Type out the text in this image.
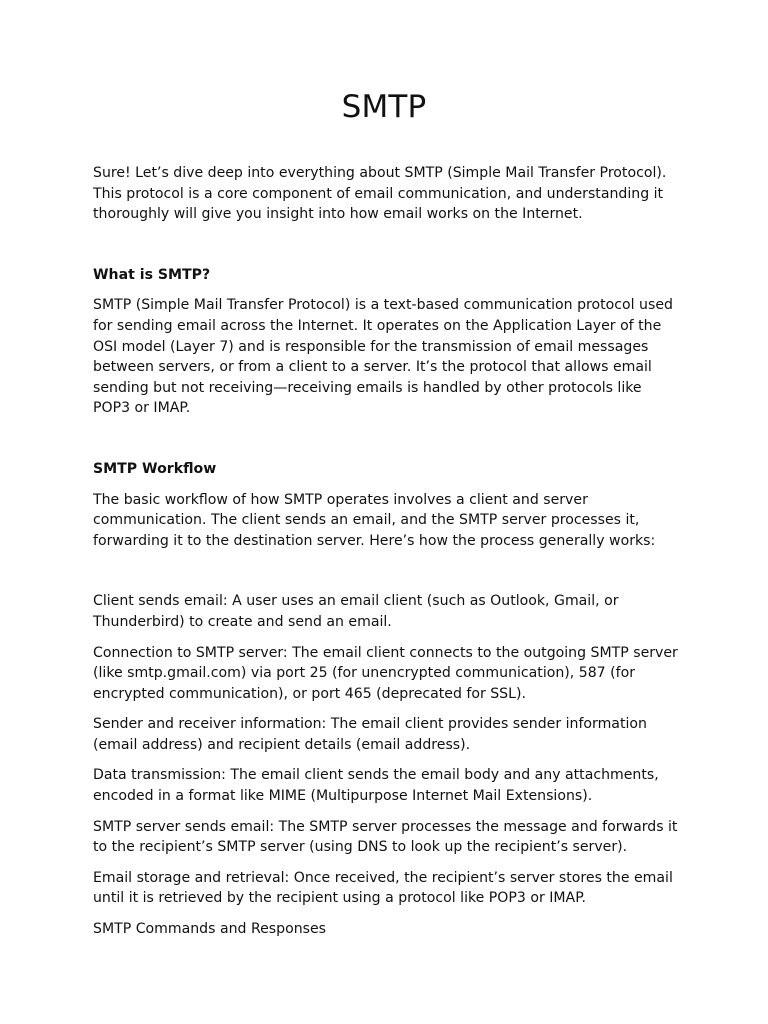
SMTP

Sure! Let’s dive deep into everything about SMTP (Simple Mail Transfer Protocol). This protocol is a core component of email communication, and understanding it thoroughly will give you insight into how email works on the Internet.

What is SMTP?

SMTP (Simple Mail Transfer Protocol) is a text-based communication protocol used for sending email across the Internet. It operates on the Application Layer of the OSI model (Layer 7) and is responsible for the transmission of email messages between servers, or from a client to a server. It’s the protocol that allows email sending but not receiving—receiving emails is handled by other protocols like POP3 or IMAP.

SMTP Workflow

The basic workflow of how SMTP operates involves a client and server communication. The client sends an email, and the SMTP server processes it, forwarding it to the destination server. Here’s how the process generally works:

Client sends email: A user uses an email client (such as Outlook, Gmail, or Thunderbird) to create and send an email.

Connection to SMTP server: The email client connects to the outgoing SMTP server (like smtp.gmail.com) via port 25 (for unencrypted communication), 587 (for encrypted communication), or port 465 (deprecated for SSL).

Sender and receiver information: The email client provides sender information (email address) and recipient details (email address).

Data transmission: The email client sends the email body and any attachments, encoded in a format like MIME (Multipurpose Internet Mail Extensions).

SMTP server sends email: The SMTP server processes the message and forwards it to the recipient’s SMTP server (using DNS to look up the recipient’s server).

Email storage and retrieval: Once received, the recipient’s server stores the email until it is retrieved by the recipient using a protocol like POP3 or IMAP.

SMTP Commands and Responses
